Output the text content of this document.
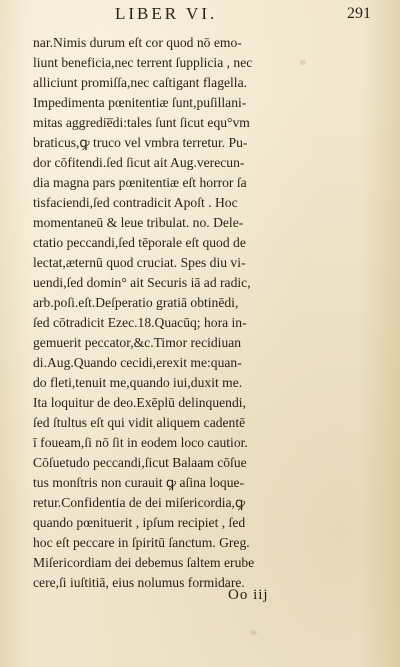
LIBER VI.	291
nar.Nimis durum eſt cor quod nō emo-
liunt beneficia,nec terrent ſupplicia , nec
alliciunt promiſſa,nec caſtigant flagella.
Impedimenta pœnitentiæ ſunt,puſillani-
mitas aggredie̅di:tales ſunt ſicut equ°vm
braticus,ꝙ truco vel vmbra terretur. Pu-
dor cōfitendi.ſed ſicut ait Aug.verecun-
dia magna pars pœnitentiæ eſt horror ſa
tisfaciendi,ſed contradicit Apoſt . Hoc
momentaneū & leue tribulat. no. Dele-
ctatio peccandi,ſed tēporale eſt quod de
lectat,æternū quod cruciat. Spes diu vi-
uendi,ſed domin° ait Securis iā ad radic,
arb.poſi.eſt.Deſperatio gratiā obtinēdi,
ſed cōtradicit Ezec.18.Quacūq; hora in-
gemuerit peccator,&c.Timor recidiuan
di.Aug.Quando cecidi,erexit me:quan-
do fleti,tenuit me,quando iui,duxit me.
Ita loquitur de deo.Exēplū delinquendi,
ſed ſtultus eſt qui vidit aliquem cadentē
ī foueam,ſi nō ſit in eodem loco cautior.
Cōſuetudo peccandi,ſicut Balaam cōſue
tus monſtris non curauit ꝙ aſina loque-
retur.Confidentia de dei miſericordia,ꝙ
quando pœnituerit , ipſum recipiet , ſed
hoc eſt peccare in ſpiritū ſanctum. Greg.
Miſericordiam dei debemus ſaltem erube
cere,ſi iuſtitiā, eius nolumus formidare.
Oo iij
